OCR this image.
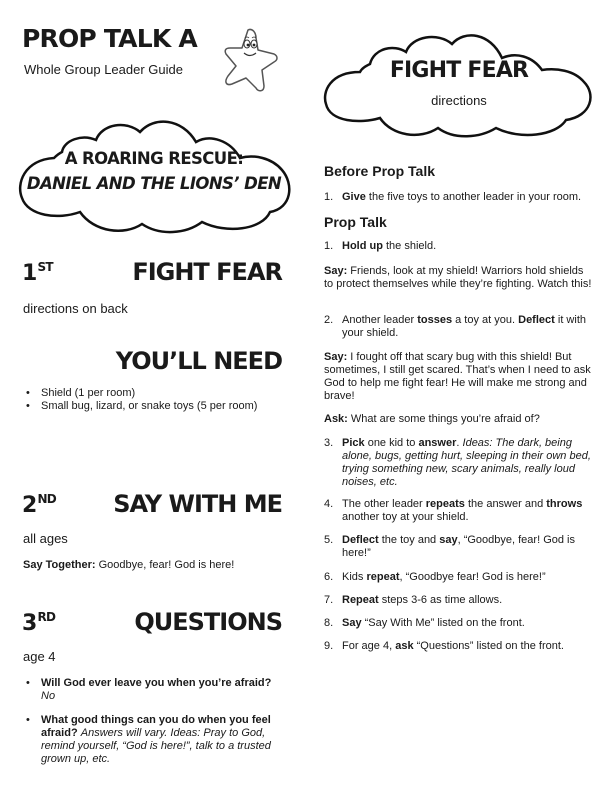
PROP TALK A
Whole Group Leader Guide	FIGHT FEAR
directions
A ROARING RESCUE:
DANIEL AND THE LIONS’ DEN
1ST	FIGHT FEAR
directions on back
YOU’LL NEED
• Shield (1 per room)
• Small bug, lizard, or snake toys (5 per room)
2ND SAY WITH ME
all ages
Say Together: Goodbye, fear! God is here!
3RD	QUESTIONS
age 4
• Will God ever leave you when you’re afraid?
No
• What good things can you do when you feel afraid? Answers will vary. Ideas: Pray to God, remind yourself, “God is here!”, talk to a trusted grown up, etc.
Before Prop Talk
1. Give the five toys to another leader in your room.
Prop Talk
1. Hold up the shield.
Say: Friends, look at my shield! Warriors hold shields to protect themselves while they’re fighting. Watch this!
2. Another leader tosses a toy at you. Deflect it with your shield.
Say: I fought off that scary bug with this shield! But sometimes, I still get scared. That’s when I need to ask God to help me fight fear! He will make me strong and brave!
Ask: What are some things you’re afraid of?
3. Pick one kid to answer. Ideas: The dark, being alone, bugs, getting hurt, sleeping in their own bed, trying something new, scary animals, really loud noises, etc.
4. The other leader repeats the answer and throws another toy at your shield.
5. Deflect the toy and say, “Goodbye, fear! God is here!”
6. Kids repeat, “Goodbye fear! God is here!”
7. Repeat steps 3-6 as time allows.
8. Say “Say With Me” listed on the front.
9. For age 4, ask “Questions” listed on the front.
